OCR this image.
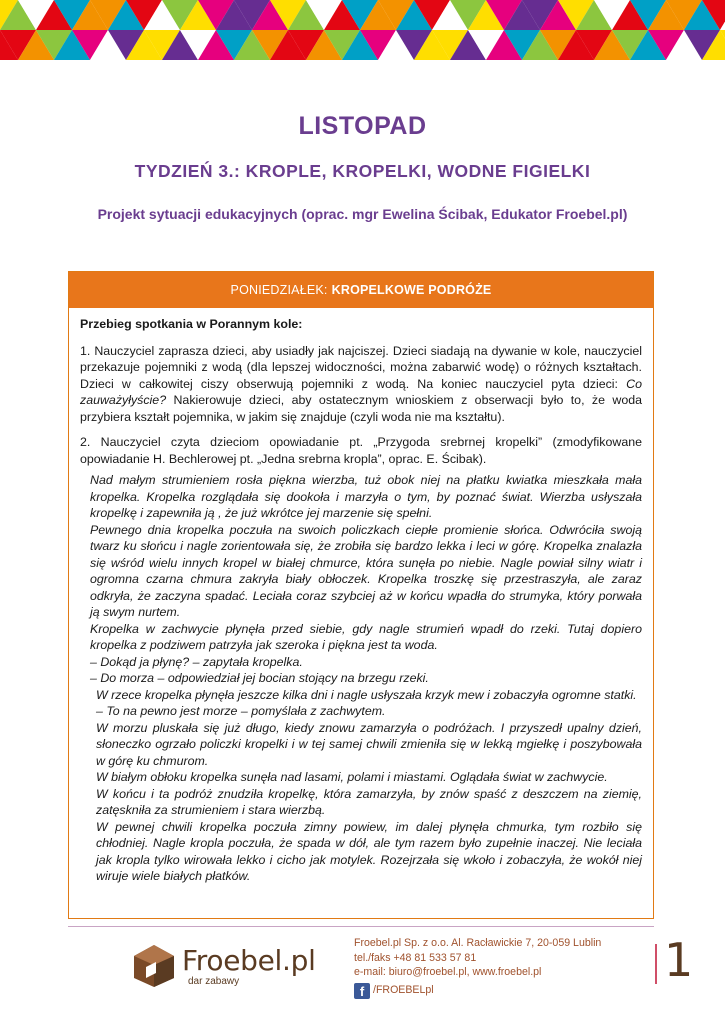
LISTOPAD
TYDZIEŃ 3.: KROPLE, KROPELKI, WODNE FIGIELKI
Projekt sytuacji edukacyjnych (oprac. mgr Ewelina Ścibak, Edukator Froebel.pl)
PONIEDZIAŁEK: KROPELKOWE PODRÓŻE

Przebieg spotkania w Porannym kole:

1. Nauczyciel zaprasza dzieci, aby usiadły jak najciszej. Dzieci siadają na dywanie w kole, nauczyciel przekazuje pojemniki z wodą (dla lepszej widoczności, można zabarwić wodę) o różnych kształtach. Dzieci w całkowitej ciszy obserwują pojemniki z wodą. Na koniec nauczyciel pyta dzieci: Co zauważyłyście? Nakierowuje dzieci, aby ostatecznym wnioskiem z obserwacji było to, że woda przybiera kształt pojemnika, w jakim się znajduje (czyli woda nie ma kształtu).

2. Nauczyciel czyta dzieciom opowiadanie pt. „Przygoda srebrnej kropelki” (zmodyfikowane opowiadanie H. Bechlerowej pt. „Jedna srebrna kropla”, oprac. E. Ścibak).

Nad małym strumieniem rosła piękna wierzba, tuż obok niej na płatku kwiatka mieszkała mała kropelka. Kropelka rozglądała się dookoła i marzyła o tym, by poznać świat. Wierzba usłyszała kropelkę i zapewniła ją , że już wkrótce jej marzenie się spełni.

Pewnego dnia kropelka poczuła na swoich policzkach ciepłe promienie słońca. Odwróciła swoją twarz ku słońcu i nagle zorientowała się, że zrobiła się bardzo lekka i leci w górę. Kropelka znalazła się wśród wielu innych kropel w białej chmurce, która sunęła po niebie. Nagle powiał silny wiatr i ogromna czarna chmura zakryła biały obłoczek. Kropelka troszkę się przestraszyła, ale zaraz odkryła, że zaczyna spadać. Leciała coraz szybciej aż w końcu wpadła do strumyka, który porwała ją swym nurtem.

Kropelka w zachwycie płynęła przed siebie, gdy nagle strumień wpadł do rzeki. Tutaj dopiero kropelka z podziwem patrzyła jak szeroka i piękna jest ta woda.

– Dokąd ja płynę? – zapytała kropelka.

– Do morza – odpowiedział jej bocian stojący na brzegu rzeki.

W rzece kropelka płynęła jeszcze kilka dni i nagle usłyszała krzyk mew i zobaczyła ogromne statki.

– To na pewno jest morze – pomyślała z zachwytem.

W morzu pluskała się już długo, kiedy znowu zamarzyła o podróżach. I przyszedł upalny dzień, słoneczko ogrzało policzki kropelki i w tej samej chwili zmieniła się w lekką mgiełkę i poszybowała w górę ku chmurom.

W białym obłoku kropelka sunęła nad lasami, polami i miastami. Oglądała świat w zachwycie.

W końcu i ta podróż znudziła kropelkę, która zamarzyła, by znów spaść z deszczem na ziemię, zatęskniła za strumieniem i stara wierzbą.

W pewnej chwili kropelka poczuła zimny powiew, im dalej płynęła chmurka, tym rozbiło się chłodniej. Nagle kropla poczuła, że spada w dół, ale tym razem było zupełnie inaczej. Nie leciała jak kropla tylko wirowała lekko i cicho jak motylek. Rozejrzała się wkoło i zobaczyła, że wokół niej wiruje wiele białych płatków.

Froebel.pl
dar zabawy
Froebel.pl Sp. z o.o. Al. Racławickie 7, 20-059 Lublin
tel./faks +48 81 533 57 81
e-mail: biuro@froebel.pl, www.froebel.pl
f /FROEBELpl
1
